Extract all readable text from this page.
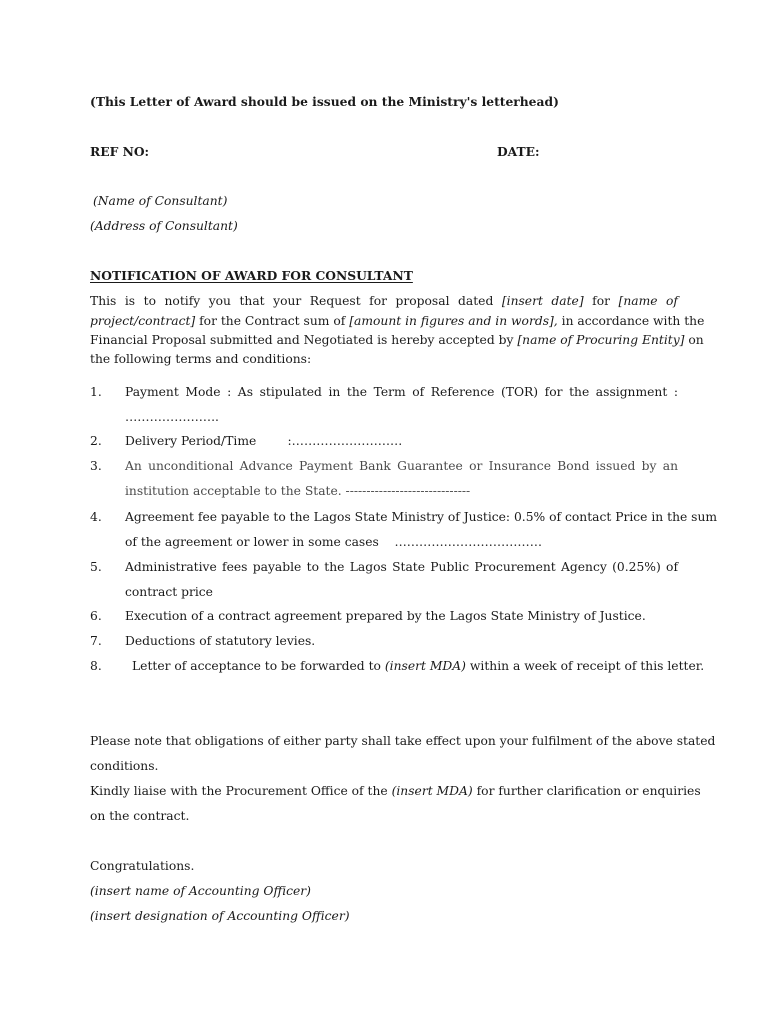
(This Letter of Award should be issued on the Ministry's letterhead)
REF NO:	DATE:
(Name of Consultant)
(Address of Consultant)
NOTIFICATION OF AWARD FOR CONSULTANT
This is to notify you that your Request for proposal dated [insert date] for [name of
project/contract] for the Contract sum of [amount in figures and in words], in accordance with the
Financial Proposal submitted and Negotiated is hereby accepted by [name of Procuring Entity] on
the following terms and conditions:
1. Payment Mode : As stipulated in the Term of Reference (TOR) for the assignment :
…………………..
2. Delivery Period/Time        :………………………
3. An unconditional Advance Payment Bank Guarantee or Insurance Bond issued by an
institution acceptable to the State. ------------------------------
4. Agreement fee payable to the Lagos State Ministry of Justice: 0.5% of contact Price in the sum
of the agreement or lower in some cases    ………………………………
5. Administrative fees payable to the Lagos State Public Procurement Agency (0.25%) of
contract price
6. Execution of a contract agreement prepared by the Lagos State Ministry of Justice.
7. Deductions of statutory levies.
8. Letter of acceptance to be forwarded to (insert MDA) within a week of receipt of this letter.
Please note that obligations of either party shall take effect upon your fulfilment of the above stated
conditions.
Kindly liaise with the Procurement Office of the (insert MDA) for further clarification or enquiries
on the contract.
Congratulations.
(insert name of Accounting Officer)
(insert designation of Accounting Officer)
